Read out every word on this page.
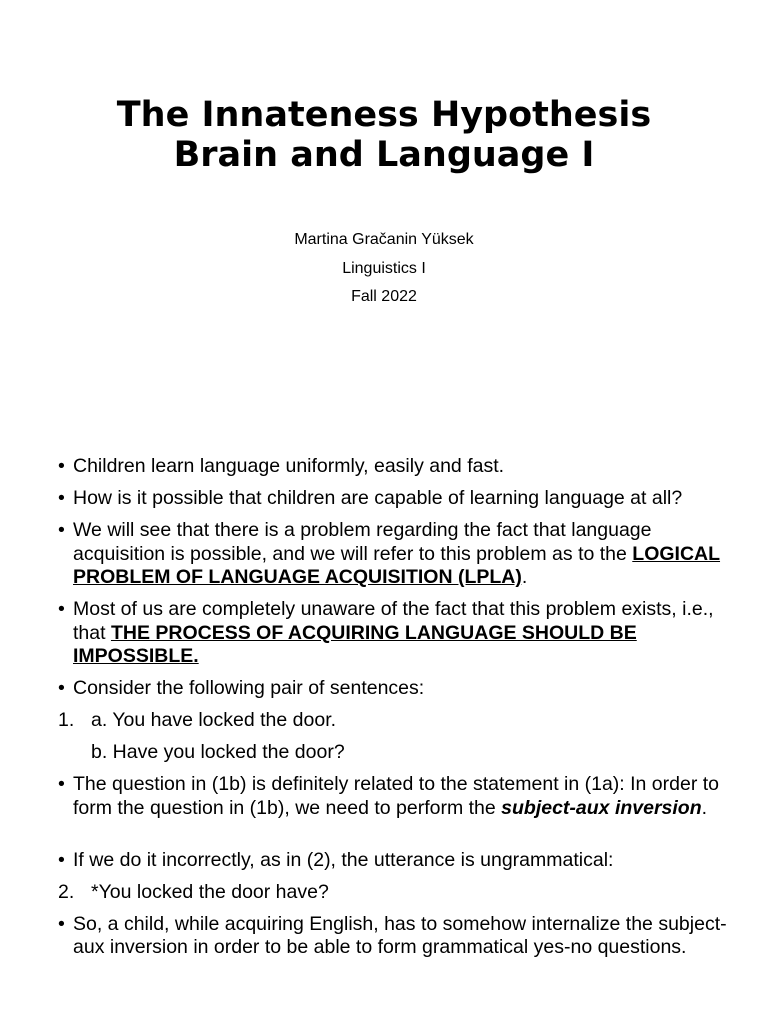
The Innateness Hypothesis
Brain and Language I
Martina Gračanin Yüksek
Linguistics I
Fall 2022
• Children learn language uniformly, easily and fast.
• How is it possible that children are capable of learning language at all?
• We will see that there is a problem regarding the fact that language acquisition is possible, and we will refer to this problem as to the LOGICAL PROBLEM OF LANGUAGE ACQUISITION (LPLA).
• Most of us are completely unaware of the fact that this problem exists, i.e., that THE PROCESS OF ACQUIRING LANGUAGE SHOULD BE IMPOSSIBLE.
• Consider the following pair of sentences:
1. a. You have locked the door.
b. Have you locked the door?
• The question in (1b) is definitely related to the statement in (1a): In order to form the question in (1b), we need to perform the subject-aux inversion.
• If we do it incorrectly, as in (2), the utterance is ungrammatical:
2. *You locked the door have?
• So, a child, while acquiring English, has to somehow internalize the subject-aux inversion in order to be able to form grammatical yes-no questions.
